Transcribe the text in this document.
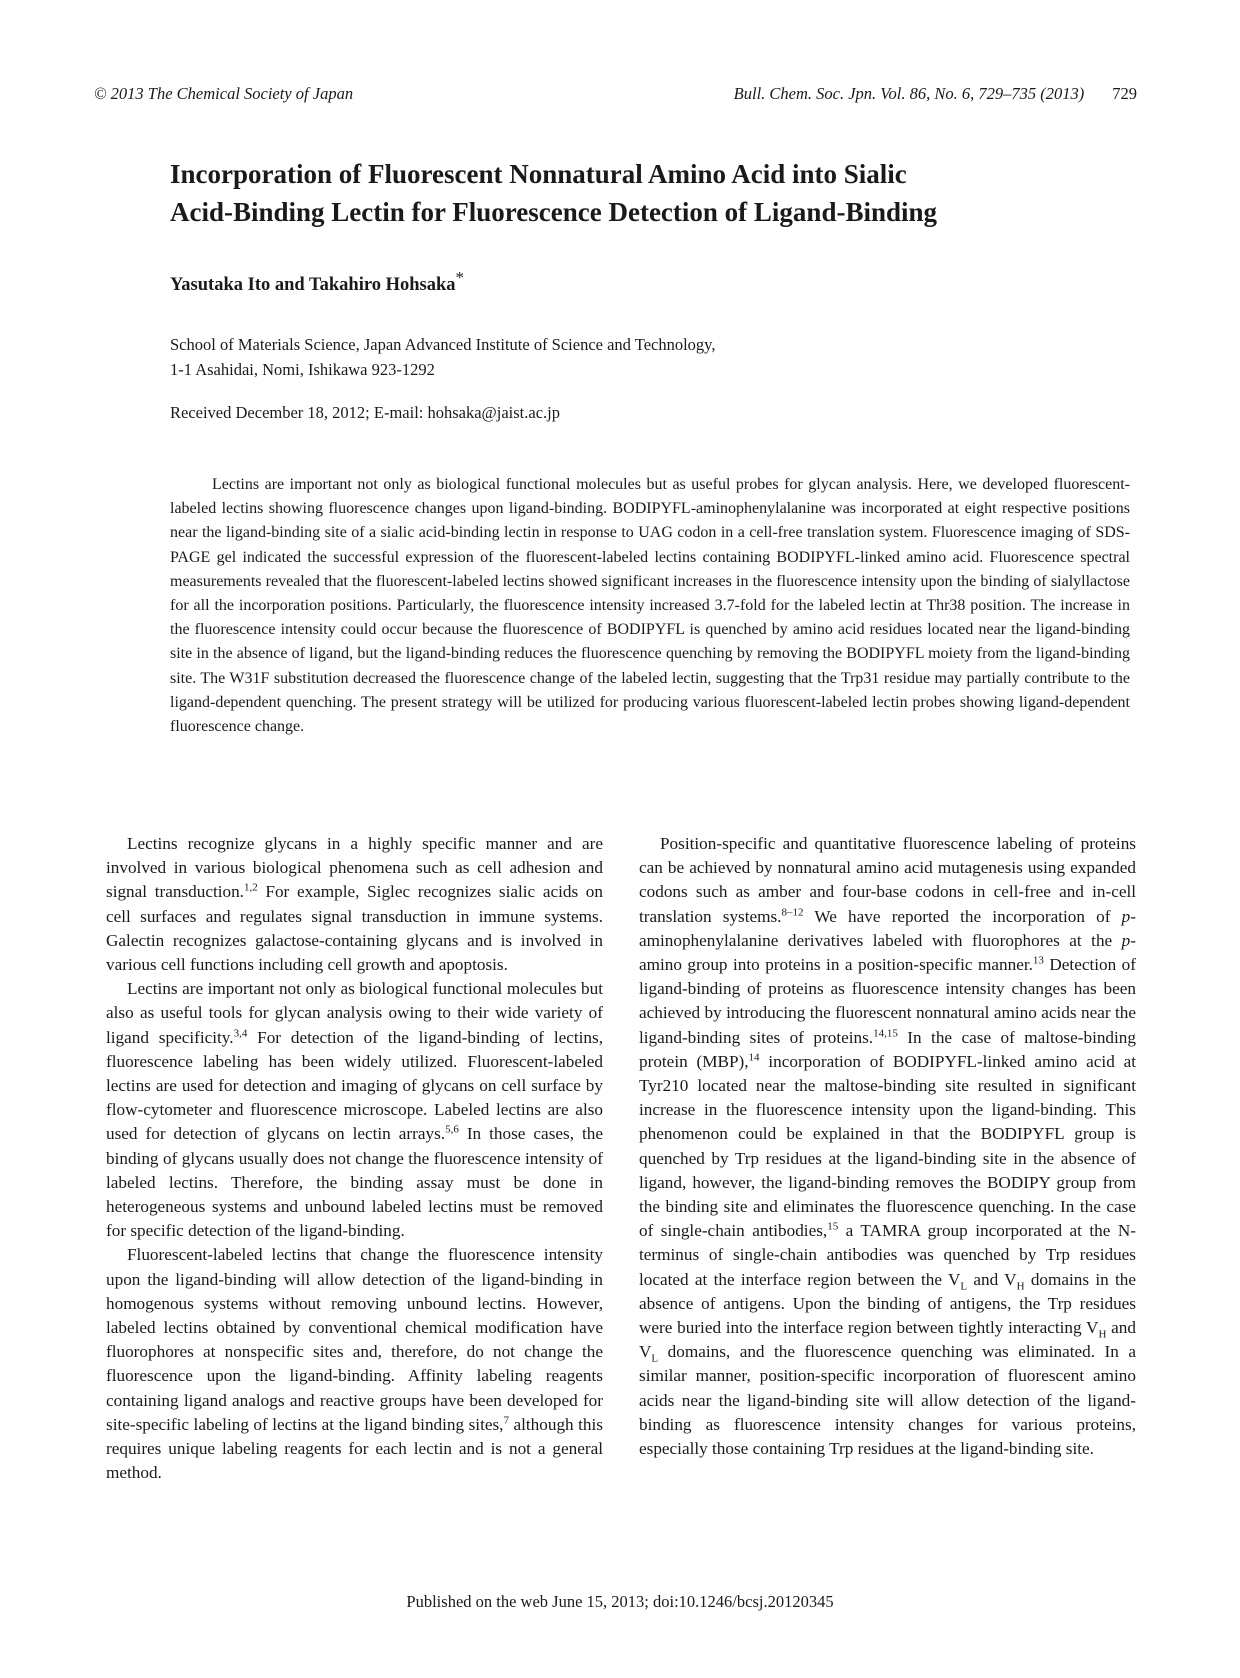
© 2013 The Chemical Society of Japan	Bull. Chem. Soc. Jpn. Vol. 86, No. 6, 729–735 (2013) 729
Incorporation of Fluorescent Nonnatural Amino Acid into Sialic
Acid-Binding Lectin for Fluorescence Detection of Ligand-Binding

Yasutaka Ito and Takahiro Hohsaka*

School of Materials Science, Japan Advanced Institute of Science and Technology,
1-1 Asahidai, Nomi, Ishikawa 923-1292

Received December 18, 2012; E-mail: hohsaka@jaist.ac.jp

Lectins are important not only as biological functional molecules but as useful probes for glycan analysis. Here, we developed fluorescent-labeled lectins showing fluorescence changes upon ligand-binding. BODIPYFL-aminophenylalanine was incorporated at eight respective positions near the ligand-binding site of a sialic acid-binding lectin in response to UAG codon in a cell-free translation system. Fluorescence imaging of SDS-PAGE gel indicated the successful expression of the fluorescent-labeled lectins containing BODIPYFL-linked amino acid. Fluorescence spectral measurements revealed that the fluorescent-labeled lectins showed significant increases in the fluorescence intensity upon the binding of sialyllactose for all the incorporation positions. Particularly, the fluorescence intensity increased 3.7-fold for the labeled lectin at Thr38 position. The increase in the fluorescence intensity could occur because the fluorescence of BODIPYFL is quenched by amino acid residues located near the ligand-binding site in the absence of ligand, but the ligand-binding reduces the fluorescence quenching by removing the BODIPYFL moiety from the ligand-binding site. The W31F substitution decreased the fluorescence change of the labeled lectin, suggesting that the Trp31 residue may partially contribute to the ligand-dependent quenching. The present strategy will be utilized for producing various fluorescent-labeled lectin probes showing ligand-dependent fluorescence change.

Lectins recognize glycans in a highly specific manner and are involved in various biological phenomena such as cell adhesion and signal transduction.$^{1,2}$ For example, Siglec recognizes sialic acids on cell surfaces and regulates signal transduction in immune systems. Galectin recognizes galactose-containing glycans and is involved in various cell functions including cell growth and apoptosis.

Lectins are important not only as biological functional molecules but also as useful tools for glycan analysis owing to their wide variety of ligand specificity.$^{3,4}$ For detection of the ligand-binding of lectins, fluorescence labeling has been widely utilized. Fluorescent-labeled lectins are used for detection and imaging of glycans on cell surface by flow-cytometer and fluorescence microscope. Labeled lectins are also used for detection of glycans on lectin arrays.$^{5,6}$ In those cases, the binding of glycans usually does not change the fluorescence intensity of labeled lectins. Therefore, the binding assay must be done in heterogeneous systems and unbound labeled lectins must be removed for specific detection of the ligand-binding.

Fluorescent-labeled lectins that change the fluorescence intensity upon the ligand-binding will allow detection of the ligand-binding in homogenous systems without removing unbound lectins. However, labeled lectins obtained by conventional chemical modification have fluorophores at nonspecific sites and, therefore, do not change the fluorescence upon the ligand-binding. Affinity labeling reagents containing ligand analogs and reactive groups have been developed for site-specific labeling of lectins at the ligand binding sites,$^7$ although this requires unique labeling reagents for each lectin and is not a general method.

Position-specific and quantitative fluorescence labeling of proteins can be achieved by nonnatural amino acid mutagenesis using expanded codons such as amber and four-base codons in cell-free and in-cell translation systems.$^{8-12}$ We have reported the incorporation of p-aminophenylalanine derivatives labeled with fluorophores at the p-amino group into proteins in a position-specific manner.$^{13}$ Detection of ligand-binding of proteins as fluorescence intensity changes has been achieved by introducing the fluorescent nonnatural amino acids near the ligand-binding sites of proteins.$^{14,15}$ In the case of maltose-binding protein (MBP),$^{14}$ incorporation of BODIPYFL-linked amino acid at Tyr210 located near the maltose-binding site resulted in significant increase in the fluorescence intensity upon the ligand-binding. This phenomenon could be explained in that the BODIPYFL group is quenched by Trp residues at the ligand-binding site in the absence of ligand, however, the ligand-binding removes the BODIPY group from the binding site and eliminates the fluorescence quenching. In the case of single-chain antibodies,$^{15}$ a TAMRA group incorporated at the N-terminus of single-chain antibodies was quenched by Trp residues located at the interface region between the $V_L$ and $V_H$ domains in the absence of antigens. Upon the binding of antigens, the Trp residues were buried into the interface region between tightly interacting $V_H$ and $V_L$ domains, and the fluorescence quenching was eliminated. In a similar manner, position-specific incorporation of fluorescent amino acids near the ligand-binding site will allow detection of the ligand-binding as fluorescence intensity changes for various proteins, especially those containing Trp residues at the ligand-binding site.

Published on the web June 15, 2013; doi:10.1246/bcsj.20120345
